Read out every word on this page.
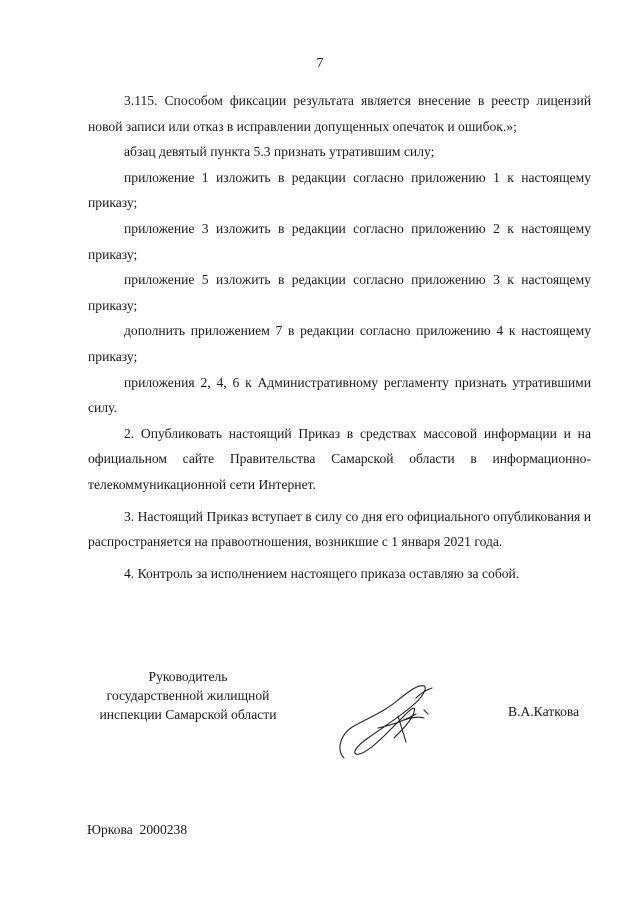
7

3.115. Способом фиксации результата является внесение в реестр лицензий новой записи или отказ в исправлении допущенных опечаток и ошибок.»;

абзац девятый пункта 5.3 признать утратившим силу;

приложение 1 изложить в редакции согласно приложению 1 к настоящему приказу;

приложение 3 изложить в редакции согласно приложению 2 к настоящему приказу;

приложение 5 изложить в редакции согласно приложению 3 к настоящему приказу;

дополнить приложением 7 в редакции согласно приложению 4 к настоящему приказу;

приложения 2, 4, 6 к Административному регламенту признать утратившими силу.

2. Опубликовать настоящий Приказ в средствах массовой информации и на официальном сайте Правительства Самарской области в информационно-телекоммуникационной сети Интернет.

3. Настоящий Приказ вступает в силу со дня его официального опубликования и распространяется на правоотношения, возникшие с 1 января 2021 года.

4. Контроль за исполнением настоящего приказа оставляю за собой.

Руководитель
государственной жилищной
инспекции Самарской области	В.А.Каткова
Юркова  2000238
